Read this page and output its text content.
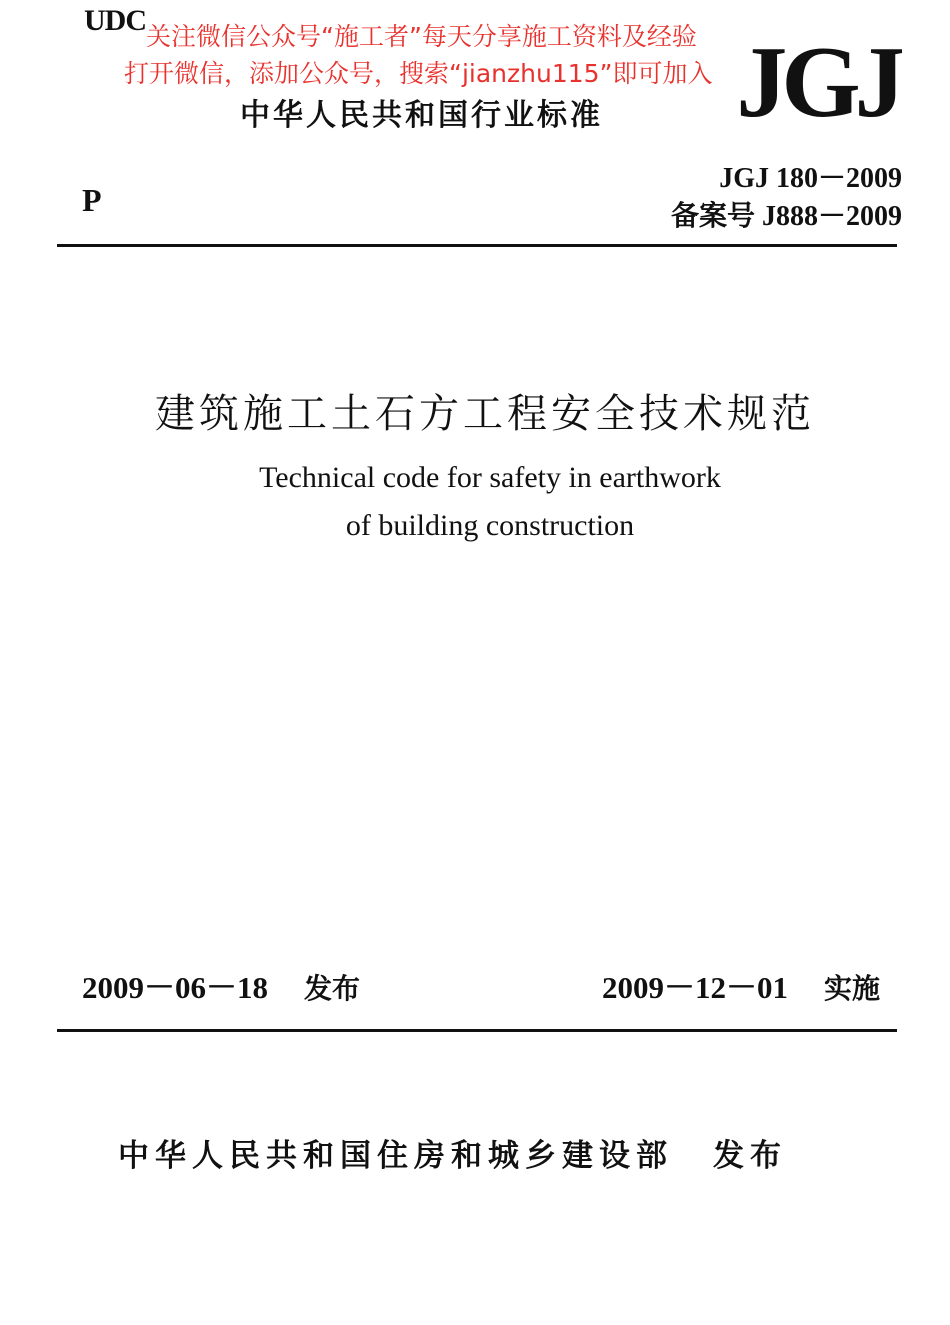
UDC
JGJ
关注微信公众号“施工者”每天分享施工资料及经验
打开微信，添加公众号，搜索“jianzhu115”即可加入
中华人民共和国行业标准
P
JGJ 180－2009
备案号 J888－2009
建筑施工土石方工程安全技术规范
Technical code for safety in earthwork
of building construction
2009－06－18 发布	2009－12－01 实施
中华人民共和国住房和城乡建设部 发布
